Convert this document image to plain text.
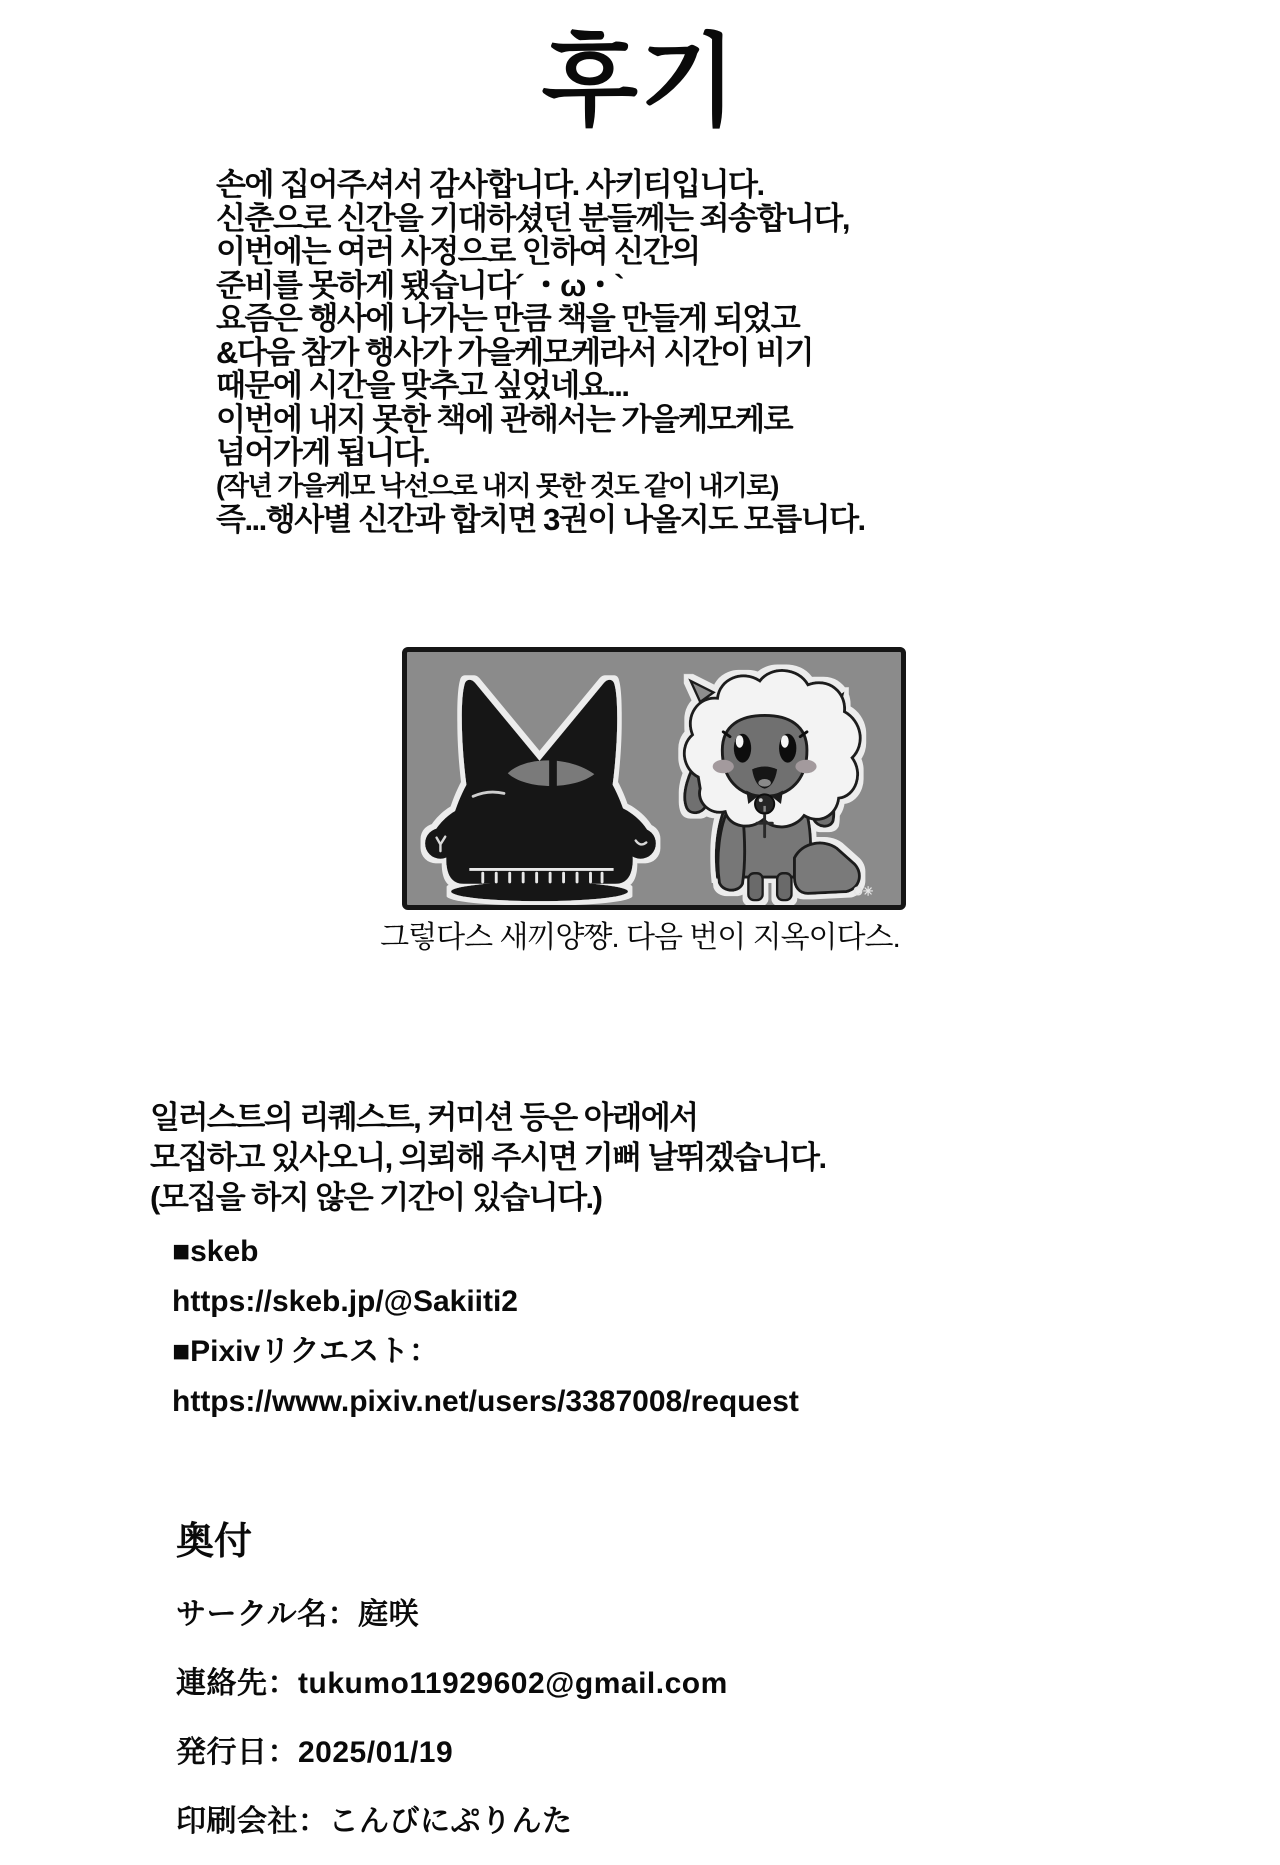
후기
손에 집어주셔서 감사합니다. 사키티입니다.
신춘으로 신간을 기대하셨던 분들께는 죄송합니다,
이번에는 여러 사정으로 인하여 신간의
준비를 못하게 됐습니다´ ・ω・`
요즘은 행사에 나가는 만큼 책을 만들게 되었고
&다음 참가 행사가 가을케모케라서 시간이 비기
때문에 시간을 맞추고 싶었네요...
이번에 내지 못한 책에 관해서는 가을케모케로
넘어가게 됩니다.
(작년 가을케모 낙선으로 내지 못한 것도 같이 내기로)
즉...행사별 신간과 합치면 3권이 나올지도 모릅니다.
O✳
그렇다스 새끼양쨩. 다음 번이 지옥이다스.
일러스트의 리퀘스트, 커미션 등은 아래에서
모집하고 있사오니, 의뢰해 주시면 기뻐 날뛰겠습니다.
(모집을 하지 않은 기간이 있습니다.)
■skeb
https://skeb.jp/@Sakiiti2
■Pixivリクエスト：
https://www.pixiv.net/users/3387008/request
奥付
サークル名：庭咲
連絡先：tukumo11929602@gmail.com
発行日：2025/01/19
印刷会社：こんびにぷりんた
